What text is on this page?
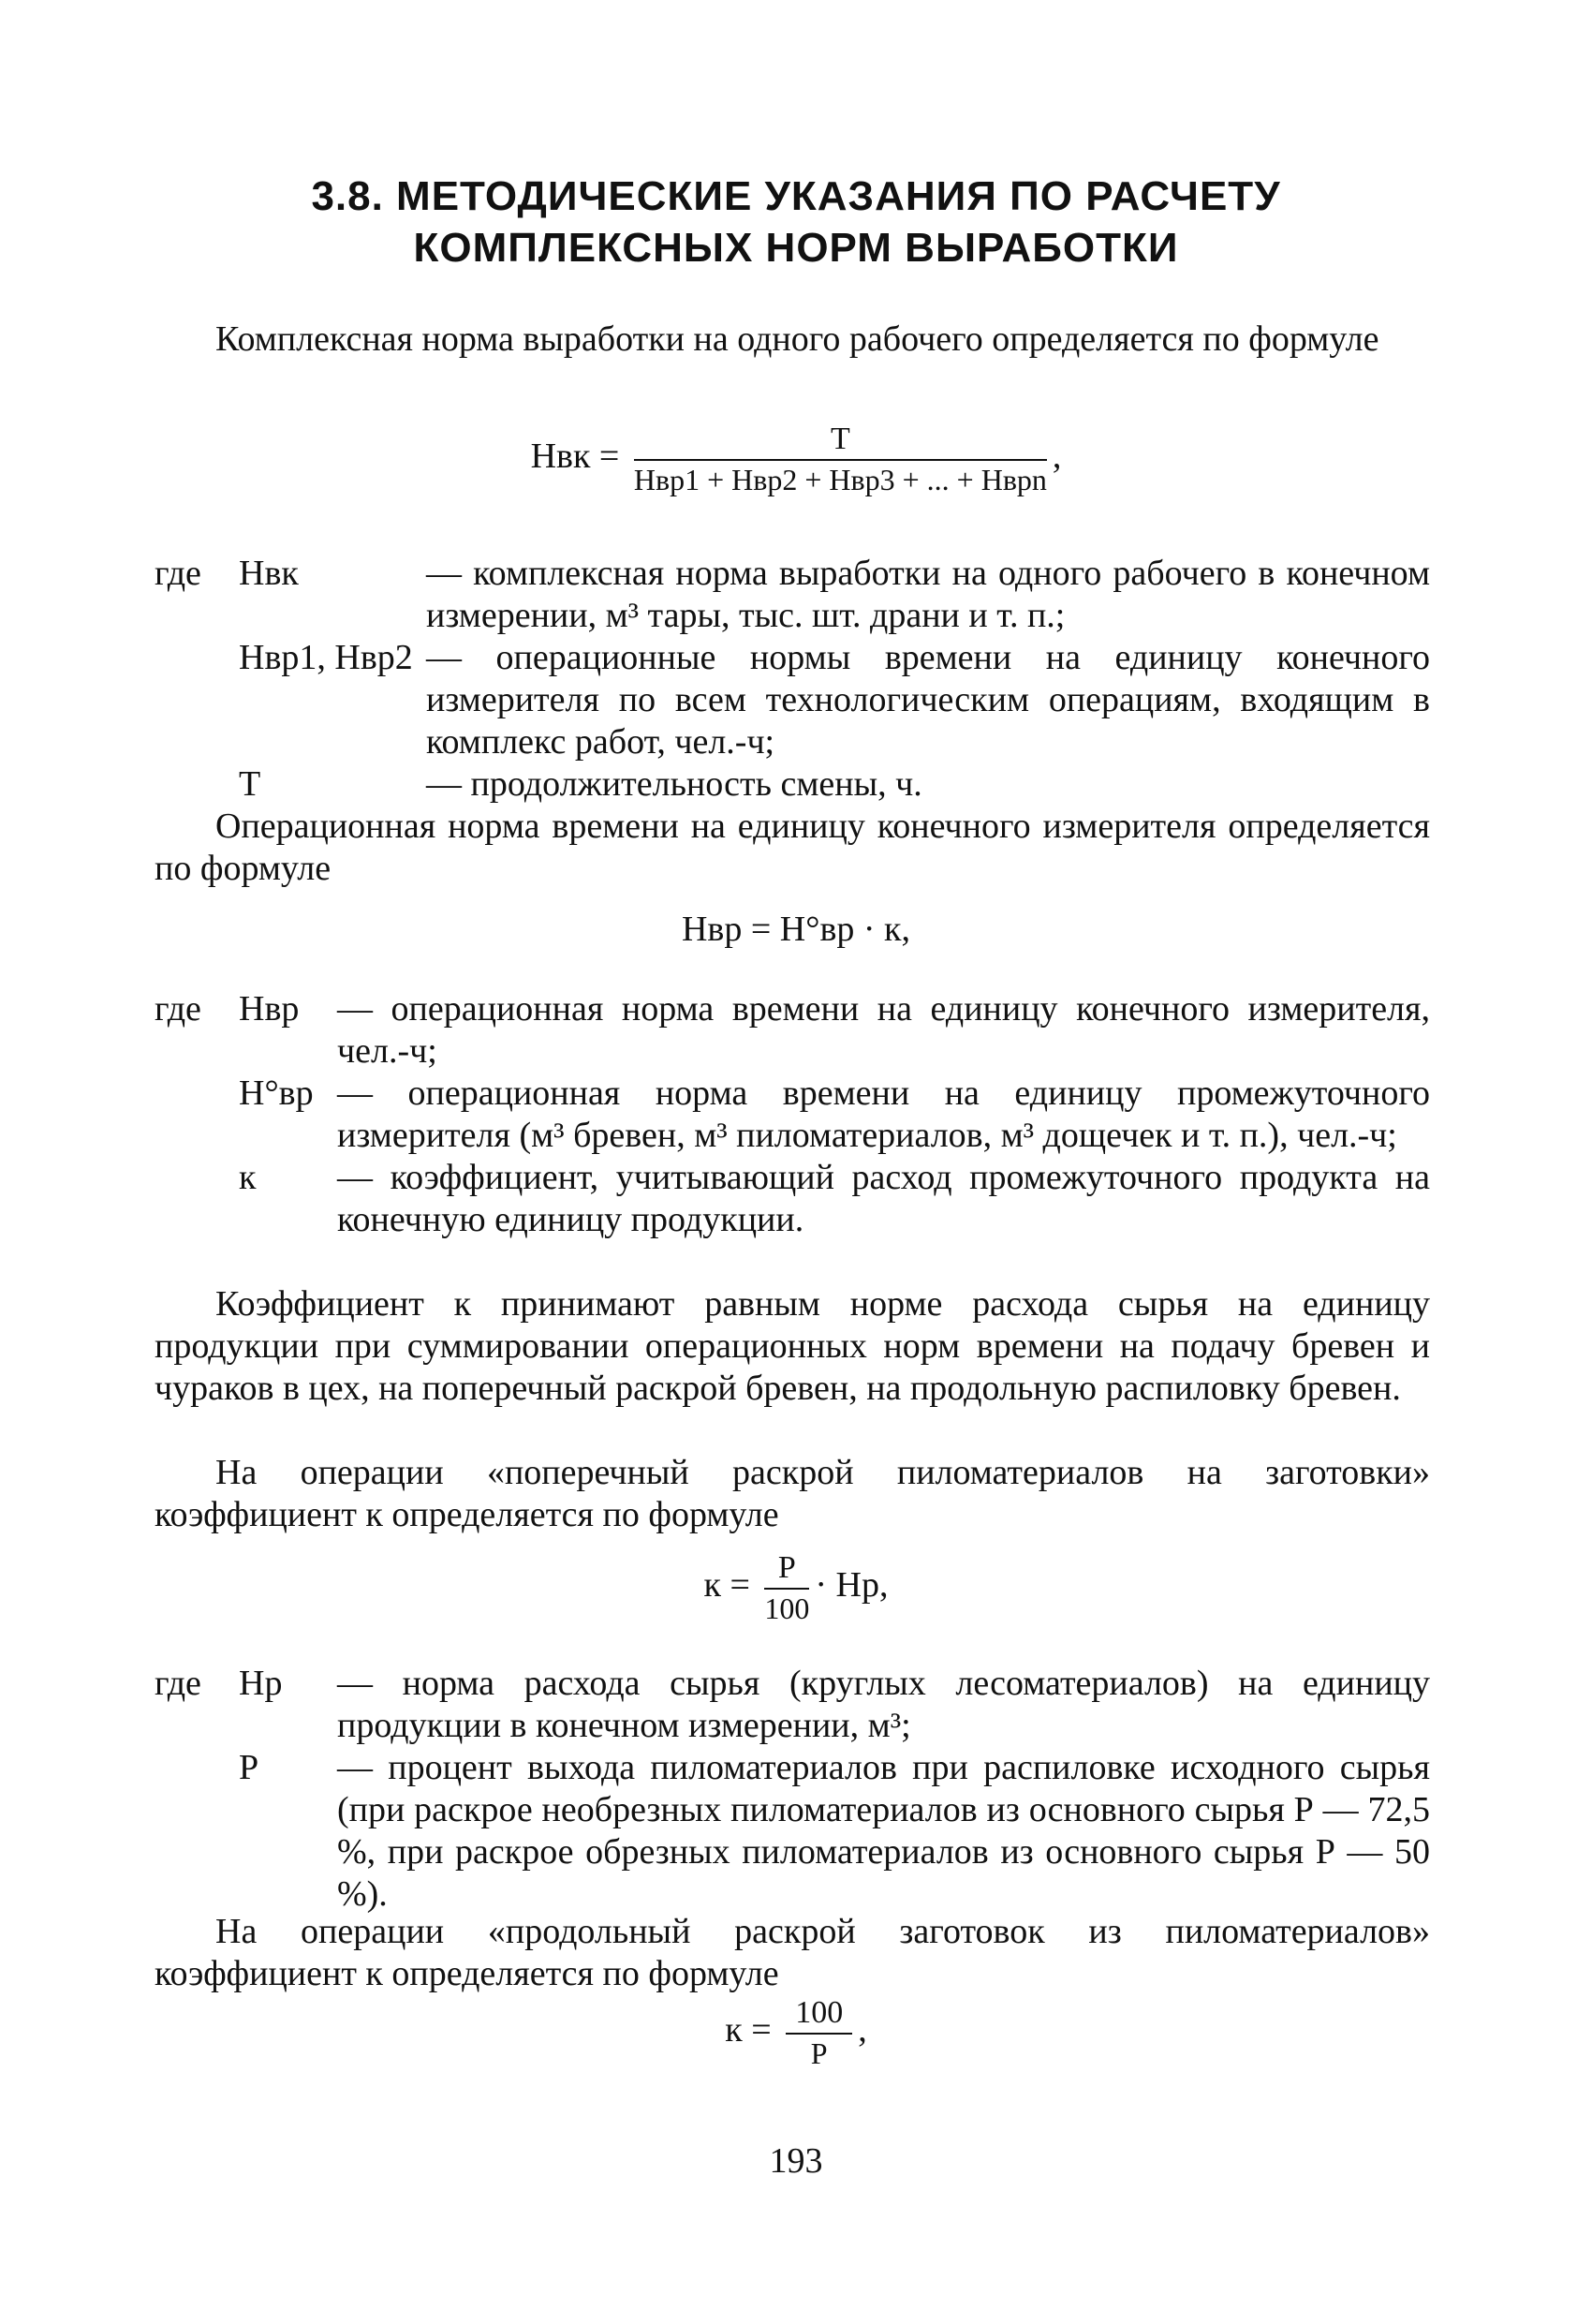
3.8. МЕТОДИЧЕСКИЕ УКАЗАНИЯ ПО РАСЧЕТУ
КОМПЛЕКСНЫХ НОРМ ВЫРАБОТКИ
Комплексная норма выработки на одного рабочего определяется по формуле
Нвк = $\frac{Т}{\text{Нвр1 + Нвр2 + Нвр3 + ... + Нврn}}$ ,
где Нвк	— комплексная норма выработки на одного рабочего в конечном измерении, м³ тары, тыс. шт. драни и т. п.;
Нвр1, Нвр2 — операционные нормы времени на единицу конечного измерителя по всем технологическим операциям, входящим в комплекс работ, чел.-ч;
Т	— продолжительность смены, ч.
Операционная норма времени на единицу конечного измерителя определяется по формуле
Нвр = Н°вр · к,
где Нвр — операционная норма времени на единицу конечного измерителя, чел.-ч;
Н°вр — операционная норма времени на единицу промежуточного измерителя (м³ бревен, м³ пиломатериалов, м³ дощечек и т. п.), чел.-ч;
к — коэффициент, учитывающий расход промежуточного продукта на конечную единицу продукции.
Коэффициент к принимают равным норме расхода сырья на единицу продукции при суммировании операционных норм времени на подачу бревен и чураков в цех, на поперечный раскрой бревен, на продольную распиловку бревен.
На операции «поперечный раскрой пиломатериалов на заготовки» коэффициент к определяется по формуле
$к = \frac{Р}{100}$ · Нр,
где Нр — норма расхода сырья (круглых лесоматериалов) на единицу продукции в конечном измерении, м³;
Р — процент выхода пиломатериалов при распиловке исходного сырья (при раскрое необрезных пиломатериалов из основного сырья Р — 72,5 %, при раскрое обрезных пиломатериалов из основного сырья Р — 50 %).
На операции «продольный раскрой заготовок из пиломатериалов» коэффициент к определяется по формуле
$к = \frac{100}{Р}$ ,
193
